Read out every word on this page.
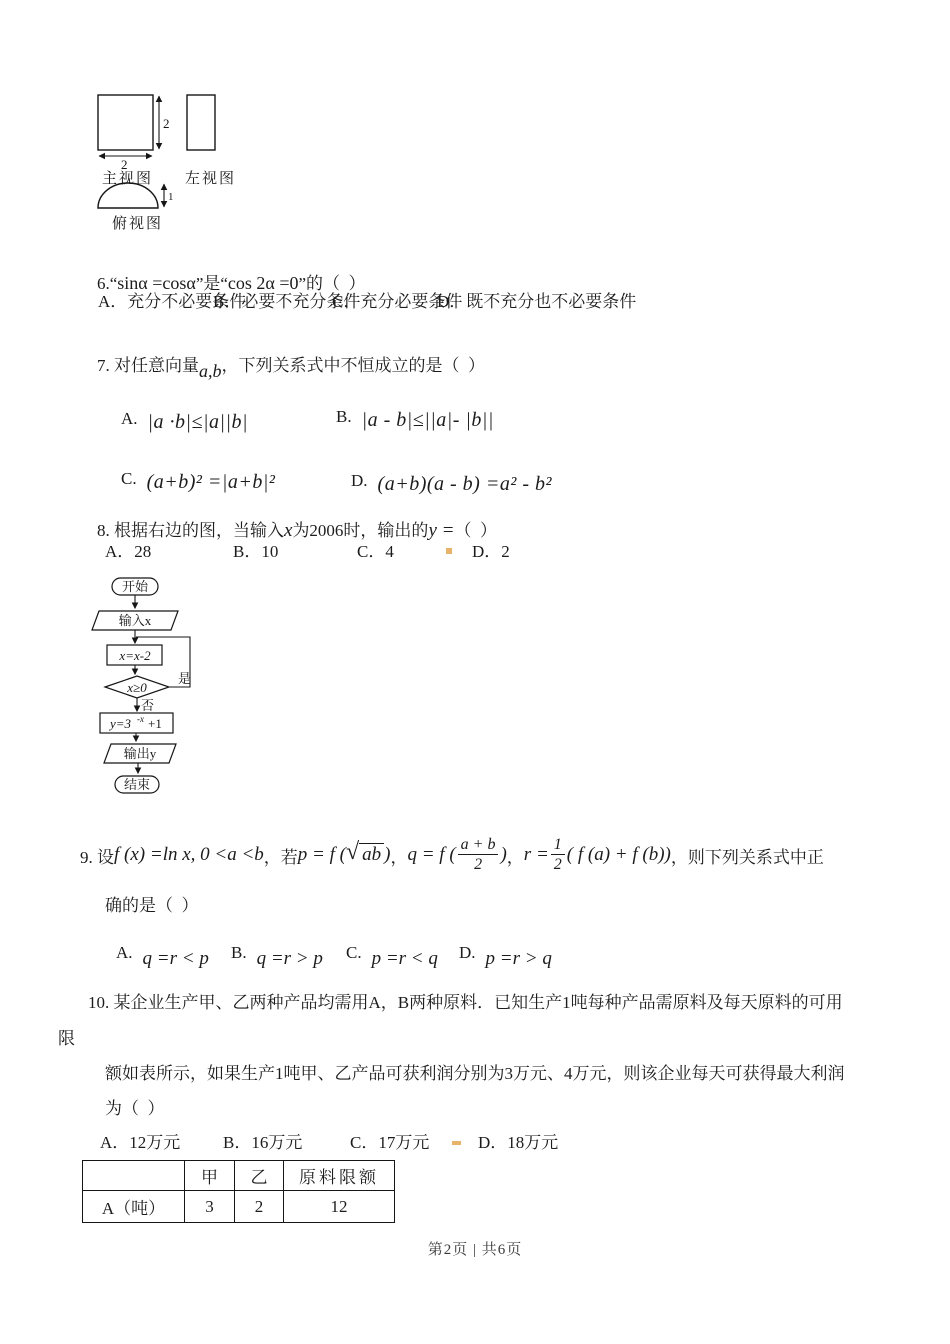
2
2
主视图 左视图
1
俯视图

6.“sinα =cosα”是“cos 2α =0”的（  ）

A．充分不必要条件
B．必要不充分条件
C．充分必要条件
D．既不充分也不必要条件

7. 对任意向量a,b，下列关系式中不恒成立的是（  ）

A. |a ·b|≤|a||b|
	B. |a - b|≤||a|- |b||

C. (a+b)² =|a+b|²
	D. (a+b)(a - b) =a² - b²

8. 根据右边的图，当输入x为2006时，输出的y =（  ）

A．28	B．10	C．4	D．2
开始
输入x
是
x=x-2
x≥0
否
y=3 -x +1
输出y
结束
9. 设 f (x) =ln x, 0 <a <b ，若 p = f ( √ ab ) ， q = f ( $\frac{a + b}{2}$ ) ， $r = \frac{1}{2}$ ( f (a) + f (b)) ，则下列关系式中正
确的是（  ）

A. q =r < p
	B. q =r > p
	C. p =r < q
	D. p =r > q

10. 某企业生产甲、乙两种产品均需用A，B两种原料．已知生产1吨每种产品需原料及每天原料的可用
限
额如表所示，如果生产1吨甲、乙产品可获利润分别为3万元、4万元，则该企业每天可获得最大利润
为（  ）
A．12万元	B．16万元	C．17万元	D．18万元
	甲	乙	原料限额
A（吨）	3	2	12
第2页 | 共6页
